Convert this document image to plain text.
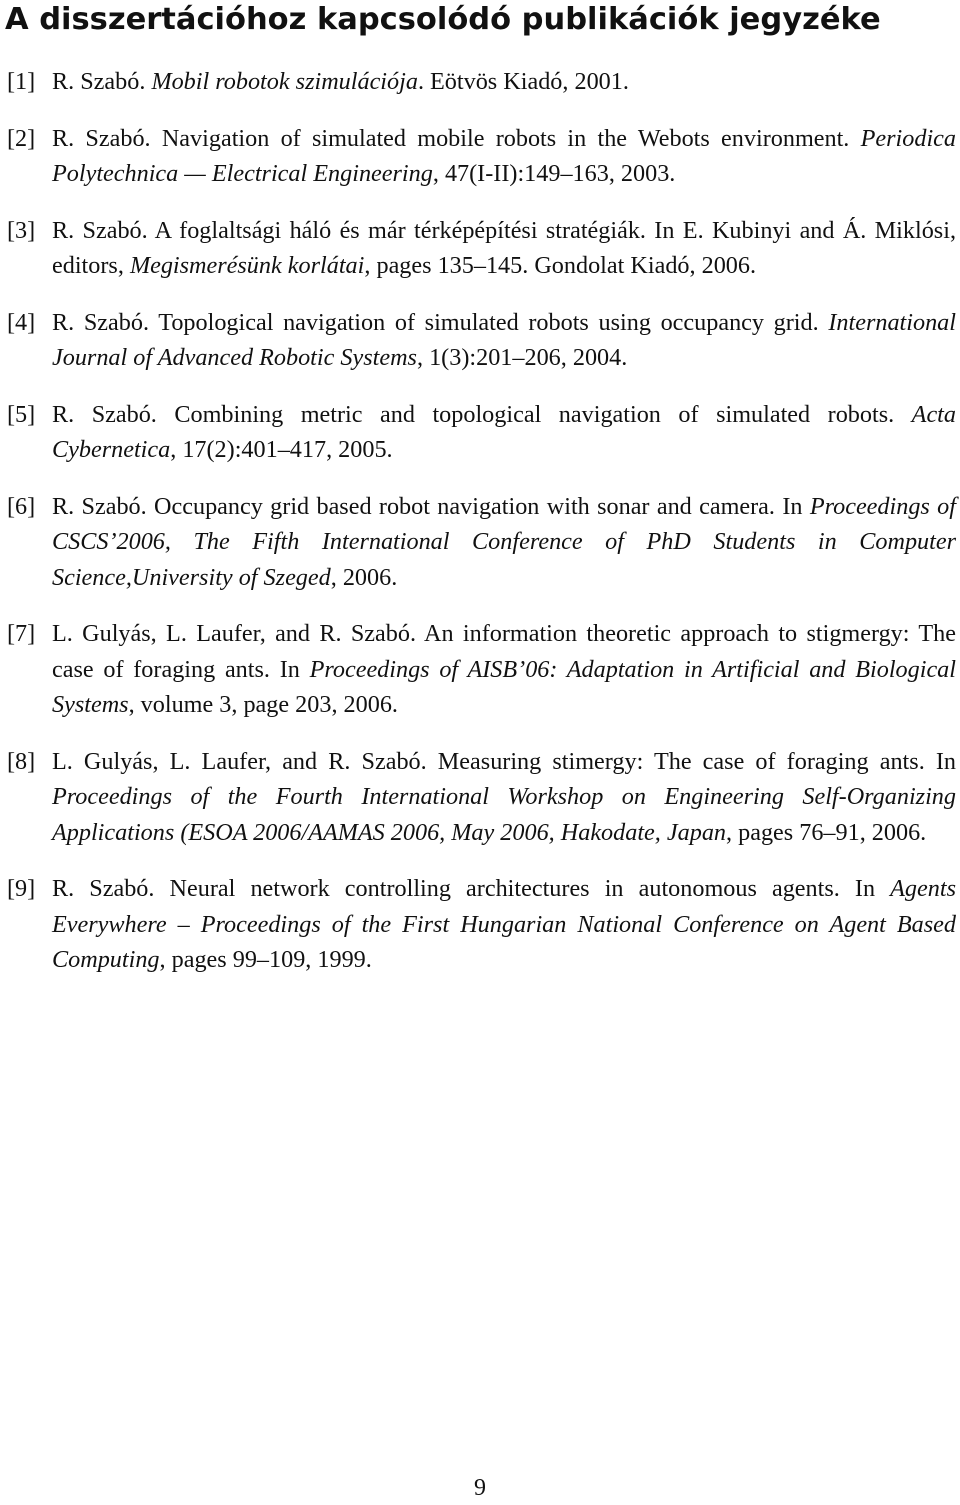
A disszertációhoz kapcsolódó publikációk jegyzéke
[1] R. Szabó. Mobil robotok szimulációja. Eötvös Kiadó, 2001.
[2] R. Szabó. Navigation of simulated mobile robots in the Webots environment. Periodica Polytechnica — Electrical Engineering, 47(I-II):149–163, 2003.
[3] R. Szabó. A foglaltsági háló és már térképépítési stratégiák. In E. Kubinyi and Á. Miklósi, editors, Megismerésünk korlátai, pages 135–145. Gondolat Kiadó, 2006.
[4] R. Szabó. Topological navigation of simulated robots using occupancy grid. International Journal of Advanced Robotic Systems, 1(3):201–206, 2004.
[5] R. Szabó. Combining metric and topological navigation of simulated robots. Acta Cybernetica, 17(2):401–417, 2005.
[6] R. Szabó. Occupancy grid based robot navigation with sonar and camera. In Proceedings of CSCS’2006, The Fifth International Conference of PhD Students in Computer Science,University of Szeged, 2006.
[7] L. Gulyás, L. Laufer, and R. Szabó. An information theoretic approach to stigmergy: The case of foraging ants. In Proceedings of AISB’06: Adaptation in Artificial and Biological Systems, volume 3, page 203, 2006.
[8] L. Gulyás, L. Laufer, and R. Szabó. Measuring stimergy: The case of foraging ants. In Proceedings of the Fourth International Workshop on Engineering Self-Organizing Applications (ESOA 2006/AAMAS 2006, May 2006, Hakodate, Japan, pages 76–91, 2006.
[9] R. Szabó. Neural network controlling architectures in autonomous agents. In Agents Everywhere – Proceedings of the First Hungarian National Conference on Agent Based Computing, pages 99–109, 1999.
9
